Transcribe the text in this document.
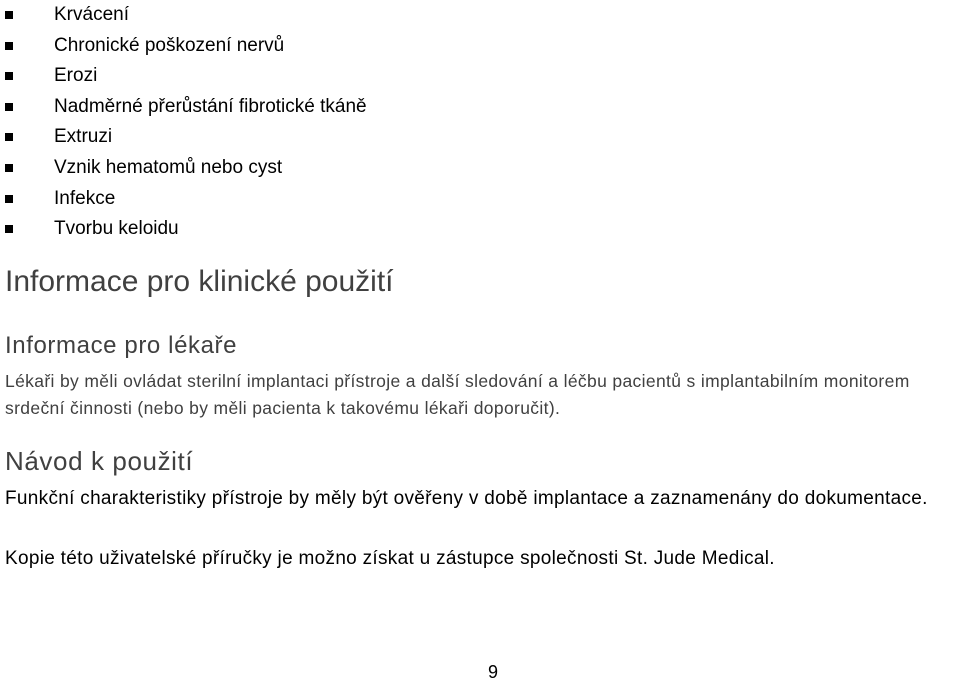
Krvácení
Chronické poškození nervů
Erozi
Nadměrné přerůstání fibrotické tkáně
Extruzi
Vznik hematomů nebo cyst
Infekce
Tvorbu keloidu
Informace pro klinické použití
Informace pro lékaře

Lékaři by měli ovládat sterilní implantaci přístroje a další sledování a léčbu pacientů s implantabilním monitorem srdeční činnosti (nebo by měli pacienta k takovému lékaři doporučit).

Návod k použití

Funkční charakteristiky přístroje by měly být ověřeny v době implantace a zaznamenány do dokumentace.

Kopie této uživatelské příručky je možno získat u zástupce společnosti St. Jude Medical.

9
